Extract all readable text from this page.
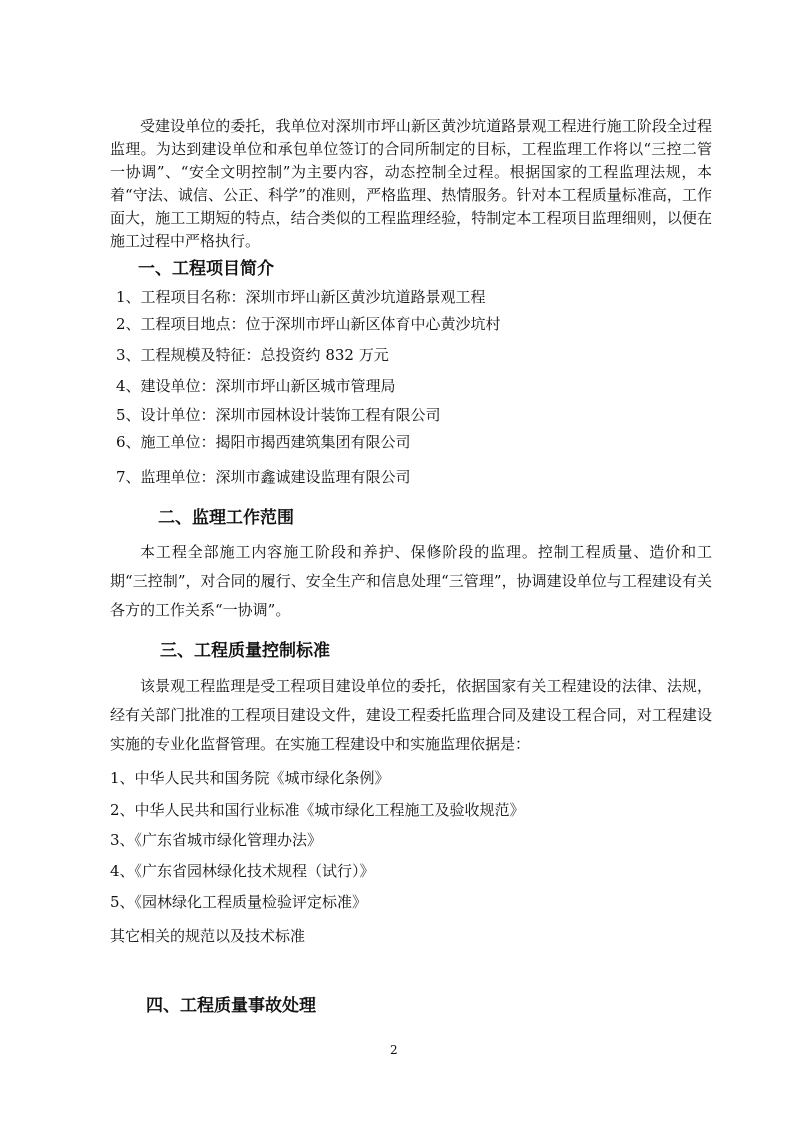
受建设单位的委托，我单位对深圳市坪山新区黄沙坑道路景观工程进行施工阶段全过程监理。为达到建设单位和承包单位签订的合同所制定的目标，工程监理工作将以“三控二管一协调”、“安全文明控制”为主要内容，动态控制全过程。根据国家的工程监理法规，本着“守法、诚信、公正、科学”的准则，严格监理、热情服务。针对本工程质量标准高，工作面大，施工工期短的特点，结合类似的工程监理经验，特制定本工程项目监理细则，以便在施工过程中严格执行。

一、工程项目简介

1、工程项目名称：深圳市坪山新区黄沙坑道路景观工程

2、工程项目地点：位于深圳市坪山新区体育中心黄沙坑村

3、工程规模及特征：总投资约 832 万元

4、建设单位：深圳市坪山新区城市管理局

5、设计单位：深圳市园林设计装饰工程有限公司

6、施工单位：揭阳市揭西建筑集团有限公司

7、监理单位：深圳市鑫诚建设监理有限公司

二、监理工作范围

本工程全部施工内容施工阶段和养护、保修阶段的监理。控制工程质量、造价和工期“三控制”，对合同的履行、安全生产和信息处理“三管理”，协调建设单位与工程建设有关各方的工作关系“一协调”。

三、工程质量控制标准

该景观工程监理是受工程项目建设单位的委托，依据国家有关工程建设的法律、法规，经有关部门批准的工程项目建设文件，建设工程委托监理合同及建设工程合同，对工程建设实施的专业化监督管理。在实施工程建设中和实施监理依据是：

1、中华人民共和国务院《城市绿化条例》

2、中华人民共和国行业标准《城市绿化工程施工及验收规范》

3、《广东省城市绿化管理办法》

4、《广东省园林绿化技术规程（试行）》

5、《园林绿化工程质量检验评定标准》

其它相关的规范以及技术标准

四、工程质量事故处理

2
